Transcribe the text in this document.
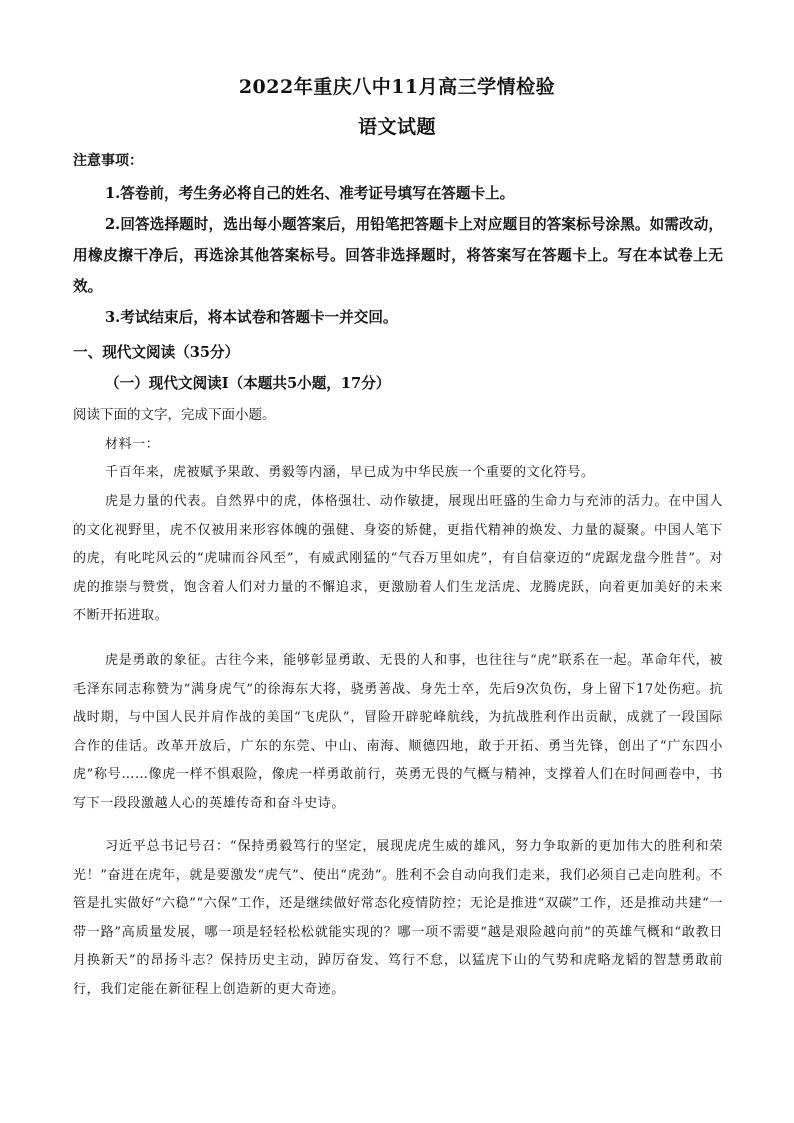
2022年重庆八中11月高三学情检验
语文试题
注意事项：
1.答卷前，考生务必将自己的姓名、准考证号填写在答题卡上。
2.回答选择题时，选出每小题答案后，用铅笔把答题卡上对应题目的答案标号涂黑。如需改动，用橡皮擦干净后，再选涂其他答案标号。回答非选择题时，将答案写在答题卡上。写在本试卷上无效。
3.考试结束后，将本试卷和答题卡一并交回。
一、现代文阅读（35分）
（一）现代文阅读Ⅰ（本题共5小题，17分）
阅读下面的文字，完成下面小题。
材料一：
千百年来，虎被赋予果敢、勇毅等内涵，早已成为中华民族一个重要的文化符号。
虎是力量的代表。自然界中的虎，体格强壮、动作敏捷，展现出旺盛的生命力与充沛的活力。在中国人的文化视野里，虎不仅被用来形容体魄的强健、身姿的矫健，更指代精神的焕发、力量的凝聚。中国人笔下的虎，有叱咤风云的“虎啸而谷风至”，有威武刚猛的“气吞万里如虎”，有自信豪迈的“虎踞龙盘今胜昔”。对虎的推崇与赞赏，饱含着人们对力量的不懈追求，更激励着人们生龙活虎、龙腾虎跃，向着更加美好的未来不断开拓进取。
虎是勇敢的象征。古往今来，能够彰显勇敢、无畏的人和事，也往往与“虎”联系在一起。革命年代，被毛泽东同志称赞为“满身虎气”的徐海东大将，骁勇善战、身先士卒，先后9次负伤，身上留下17处伤疤。抗战时期，与中国人民并肩作战的美国“飞虎队”，冒险开辟驼峰航线，为抗战胜利作出贡献，成就了一段国际合作的佳话。改革开放后，广东的东莞、中山、南海、顺德四地，敢于开拓、勇当先锋，创出了“广东四小虎”称号……像虎一样不惧艰险，像虎一样勇敢前行，英勇无畏的气概与精神，支撑着人们在时间画卷中，书写下一段段激越人心的英雄传奇和奋斗史诗。
习近平总书记号召：“保持勇毅笃行的坚定，展现虎虎生威的雄风，努力争取新的更加伟大的胜利和荣光！”奋进在虎年，就是要激发“虎气”、使出“虎劲”。胜利不会自动向我们走来，我们必须自己走向胜利。不管是扎实做好“六稳”“六保”工作，还是继续做好常态化疫情防控；无论是推进“双碳”工作，还是推动共建“一带一路”高质量发展，哪一项是轻轻松松就能实现的？哪一项不需要“越是艰险越向前”的英雄气概和“敢教日月换新天”的昂扬斗志？保持历史主动，踔厉奋发、笃行不怠，以猛虎下山的气势和虎略龙韬的智慧勇敢前行，我们定能在新征程上创造新的更大奇迹。
